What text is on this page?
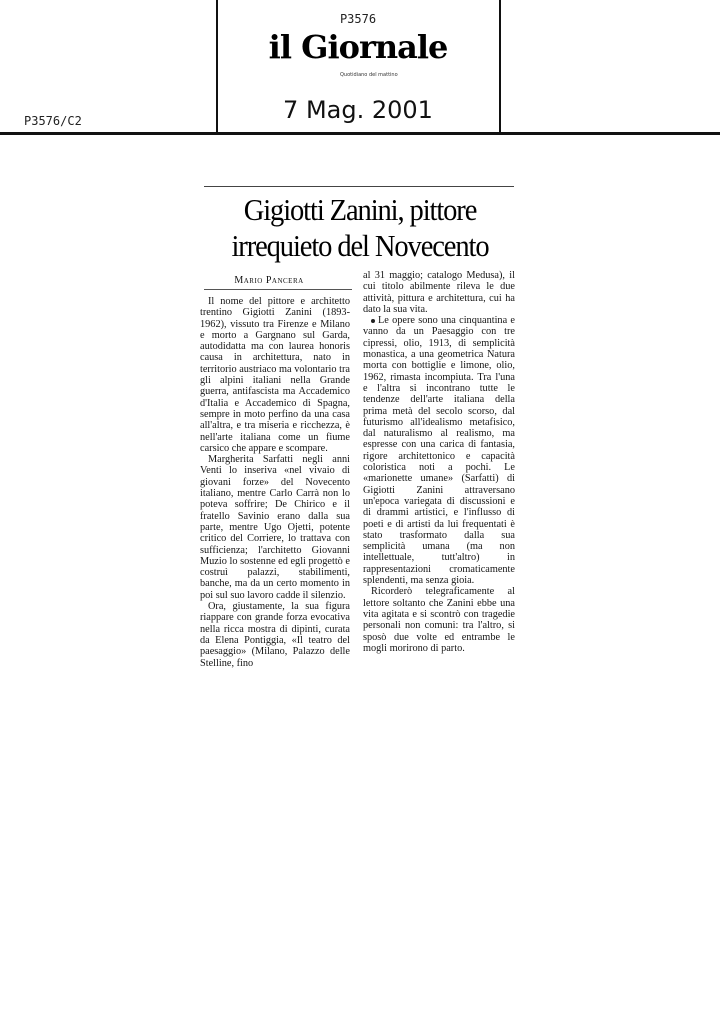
P3576
il Giornale
Quotidiano del mattino
7 Mag. 2001
P3576/C2
Gigiotti Zanini, pittore irrequieto del Novecento
Mario Pancera

Il nome del pittore e architetto trentino Gigiotti Zanini (1893-1962), vissuto tra Firenze e Milano e morto a Gargnano sul Garda, autodidatta ma con laurea honoris causa in architettura, nato in territorio austriaco ma volontario tra gli alpini italiani nella Grande guerra, antifascista ma Accademico d'Italia e Accademico di Spagna, sempre in moto perfino da una casa all'altra, e tra miseria e ricchezza, è nell'arte italiana come un fiume carsico che appare e scompare.

Margherita Sarfatti negli anni Venti lo inseriva «nel vivaio di giovani forze» del Novecento italiano, mentre Carlo Carrà non lo poteva soffrire; De Chirico e il fratello Savinio erano dalla sua parte, mentre Ugo Ojetti, potente critico del Corriere, lo trattava con sufficienza; l'architetto Giovanni Muzio lo sostenne ed egli progettò e costruì palazzi, stabilimenti, banche, ma da un certo momento in poi sul suo lavoro cadde il silenzio.

Ora, giustamente, la sua figura riappare con grande forza evocativa nella ricca mostra di dipinti, curata da Elena Pontiggia, «Il teatro del paesaggio» (Milano, Palazzo delle Stelline, fino

al 31 maggio; catalogo Medusa), il cui titolo abilmente rileva le due attività, pittura e architettura, cui ha dato la sua vita.

Le opere sono una cinquantina e vanno da un Paesaggio con tre cipressi, olio, 1913, di semplicità monastica, a una geometrica Natura morta con bottiglie e limone, olio, 1962, rimasta incompiuta. Tra l'una e l'altra si incontrano tutte le tendenze dell'arte italiana della prima metà del secolo scorso, dal futurismo all'idealismo metafisico, dal naturalismo al realismo, ma espresse con una carica di fantasia, rigore architettonico e capacità coloristica noti a pochi. Le «marionette umane» (Sarfatti) di Gigiotti Zanini attraversano un'epoca variegata di discussioni e di drammi artistici, e l'influsso di poeti e di artisti da lui frequentati è stato trasformato dalla sua semplicità umana (ma non intellettuale, tutt'altro) in rappresentazioni cromaticamente splendenti, ma senza gioia.

Ricorderò telegraficamente al lettore soltanto che Zanini ebbe una vita agitata e si scontrò con tragedie personali non comuni: tra l'altro, si sposò due volte ed entrambe le mogli morirono di parto.
